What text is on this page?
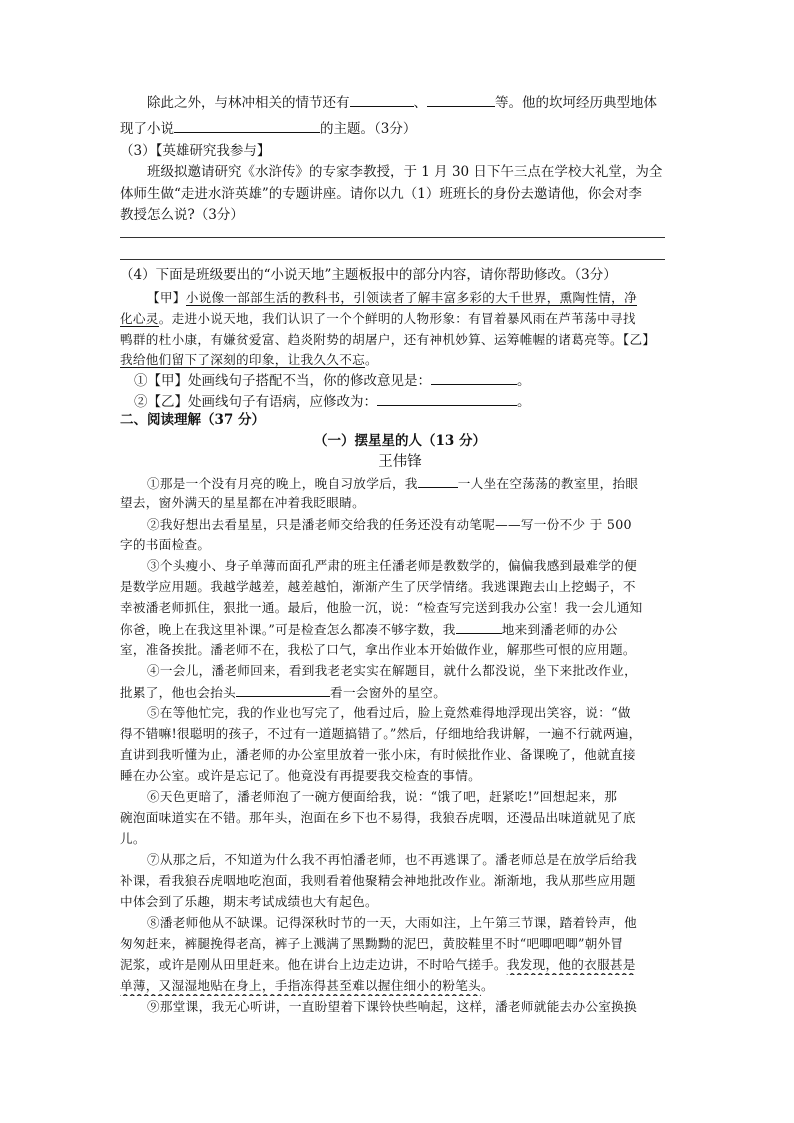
除此之外，与林冲相关的情节还有	、	等。他的坎坷经历典型地体
现了小说	的主题。（3分）
（3）【英雄研究我参与】
班级拟邀请研究《水浒传》的专家李教授，于 1 月 30 日下午三点在学校大礼堂，为全
体师生做“走进水浒英雄”的专题讲座。请你以九（1）班班长的身份去邀请他，你会对李
教授怎么说?（3分）
（4）下面是班级要出的“小说天地”主题板报中的部分内容，请你帮助修改。（3分）
【甲】小说像一部部生活的教科书，引领读者了解丰富多彩的大千世界，熏陶性情，净
化心灵。走进小说天地，我们认识了一个个鲜明的人物形象：有冒着暴风雨在芦苇荡中寻找
鸭群的杜小康，有嫌贫爱富、趋炎附势的胡屠户，还有神机妙算、运筹帷幄的诸葛亮等。【乙】
我给他们留下了深刻的印象，让我久久不忘。
①【甲】处画线句子搭配不当，你的修改意见是：	。
②【乙】处画线句子有语病，应修改为：	。
二、阅读理解（37 分）
（一）摆星星的人（13 分）
王伟锋
①那是一个没有月亮的晚上，晚自习放学后，我	一人坐在空荡荡的教室里，抬眼
望去，窗外满天的星星都在冲着我眨眼睛。
②我好想出去看星星，只是潘老师交给我的任务还没有动笔呢——写一份不少 于 500
字的书面检查。
③个头瘦小、身子单薄而面孔严肃的班主任潘老师是教数学的，偏偏我感到最难学的便
是数学应用题。我越学越差，越差越怕，渐渐产生了厌学情绪。我逃课跑去山上挖蝎子，不
幸被潘老师抓住，狠批一通。最后，他脸一沉，说：“检查写完送到我办公室！我一会儿通知
你爸，晚上在我这里补课。”可是检查怎么都凑不够字数，我	地来到潘老师的办公
室，准备挨批。潘老师不在，我松了口气，拿出作业本开始做作业，解那些可恨的应用题。
④一会儿，潘老师回来，看到我老老实实在解题目，就什么都没说，坐下来批改作业，
批累了，他也会抬头	看一会窗外的星空。
⑤在等他忙完，我的作业也写完了，他看过后，脸上竟然难得地浮现出笑容，说：“做
得不错嘛!很聪明的孩子，不过有一道题搞错了。”然后，仔细地给我讲解，一遍不行就两遍，
直讲到我听懂为止，潘老师的办公室里放着一张小床，有时候批作业、备课晚了，他就直接
睡在办公室。或许是忘记了。他竟没有再提要我交检查的事情。
⑥天色更暗了，潘老师泡了一碗方便面给我，说：“饿了吧，赶紧吃!”回想起来，那
碗泡面味道实在不错。那年头，泡面在乡下也不易得，我狼吞虎咽，还漫品出味道就见了底
儿。
⑦从那之后，不知道为什么我不再怕潘老师，也不再逃课了。潘老师总是在放学后给我
补课，看我狼吞虎咽地吃泡面，我则看着他聚精会神地批改作业。渐渐地，我从那些应用题
中体会到了乐趣，期末考试成绩也大有起色。
⑧潘老师他从不缺课。记得深秋时节的一天，大雨如注，上午第三节课，踏着铃声，他
匆匆赶来，裤腿挽得老高，裤子上溅满了黑黝黝的泥巴，黄胶鞋里不时“吧唧吧唧”朝外冒
泥浆，或许是刚从田里赶来。他在讲台上边走边讲，不时哈气搓手。我发现，他的衣服甚是
单薄，又湿湿地贴在身上，手指冻得甚至难以握住细小的粉笔头。
⑨那堂课，我无心听讲，一直盼望着下课铃快些响起，这样，潘老师就能去办公室换换
